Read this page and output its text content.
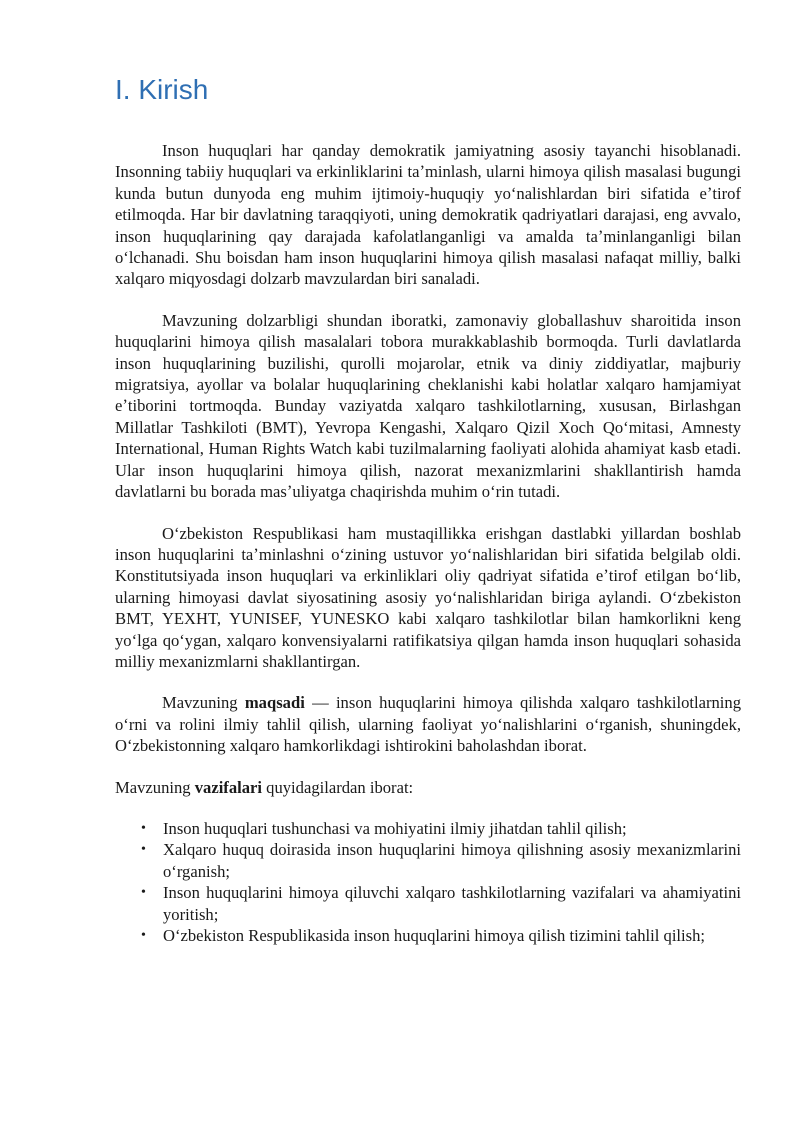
I. Kirish

Inson huquqlari har qanday demokratik jamiyatning asosiy tayanchi hisoblanadi. Insonning tabiiy huquqlari va erkinliklarini taʼminlash, ularni himoya qilish masalasi bugungi kunda butun dunyoda eng muhim ijtimoiy-huquqiy yoʻnalishlardan biri sifatida eʼtirof etilmoqda. Har bir davlatning taraqqiyoti, uning demokratik qadriyatlari darajasi, eng avvalo, inson huquqlarining qay darajada kafolatlanganligi va amalda taʼminlanganligi bilan oʻlchanadi. Shu boisdan ham inson huquqlarini himoya qilish masalasi nafaqat milliy, balki xalqaro miqyosdagi dolzarb mavzulardan biri sanaladi.

Mavzuning dolzarbligi shundan iboratki, zamonaviy globallashuv sharoitida inson huquqlarini himoya qilish masalalari tobora murakkablashib bormoqda. Turli davlatlarda inson huquqlarining buzilishi, qurolli mojarolar, etnik va diniy ziddiyatlar, majburiy migratsiya, ayollar va bolalar huquqlarining cheklanishi kabi holatlar xalqaro hamjamiyat eʼtiborini tortmoqda. Bunday vaziyatda xalqaro tashkilotlarning, xususan, Birlashgan Millatlar Tashkiloti (BMT), Yevropa Kengashi, Xalqaro Qizil Xoch Qoʻmitasi, Amnesty International, Human Rights Watch kabi tuzilmalarning faoliyati alohida ahamiyat kasb etadi. Ular inson huquqlarini himoya qilish, nazorat mexanizmlarini shakllantirish hamda davlatlarni bu borada masʼuliyatga chaqirishda muhim oʻrin tutadi.

Oʻzbekiston Respublikasi ham mustaqillikka erishgan dastlabki yillardan boshlab inson huquqlarini taʼminlashni oʻzining ustuvor yoʻnalishlaridan biri sifatida belgilab oldi. Konstitutsiyada inson huquqlari va erkinliklari oliy qadriyat sifatida eʼtirof etilgan boʻlib, ularning himoyasi davlat siyosatining asosiy yoʻnalishlaridan biriga aylandi. Oʻzbekiston BMT, YEXHT, YUNISEF, YUNESKO kabi xalqaro tashkilotlar bilan hamkorlikni keng yoʻlga qoʻygan, xalqaro konvensiyalarni ratifikatsiya qilgan hamda inson huquqlari sohasida milliy mexanizmlarni shakllantirgan.

Mavzuning maqsadi — inson huquqlarini himoya qilishda xalqaro tashkilotlarning oʻrni va rolini ilmiy tahlil qilish, ularning faoliyat yoʻnalishlarini oʻrganish, shuningdek, Oʻzbekistonning xalqaro hamkorlikdagi ishtirokini baholashdan iborat.

Mavzuning vazifalari quyidagilardan iborat:

• Inson huquqlari tushunchasi va mohiyatini ilmiy jihatdan tahlil qilish;
• Xalqaro huquq doirasida inson huquqlarini himoya qilishning asosiy mexanizmlarini oʻrganish;
• Inson huquqlarini himoya qiluvchi xalqaro tashkilotlarning vazifalari va ahamiyatini yoritish;
• Oʻzbekiston Respublikasida inson huquqlarini himoya qilish tizimini tahlil qilish;
